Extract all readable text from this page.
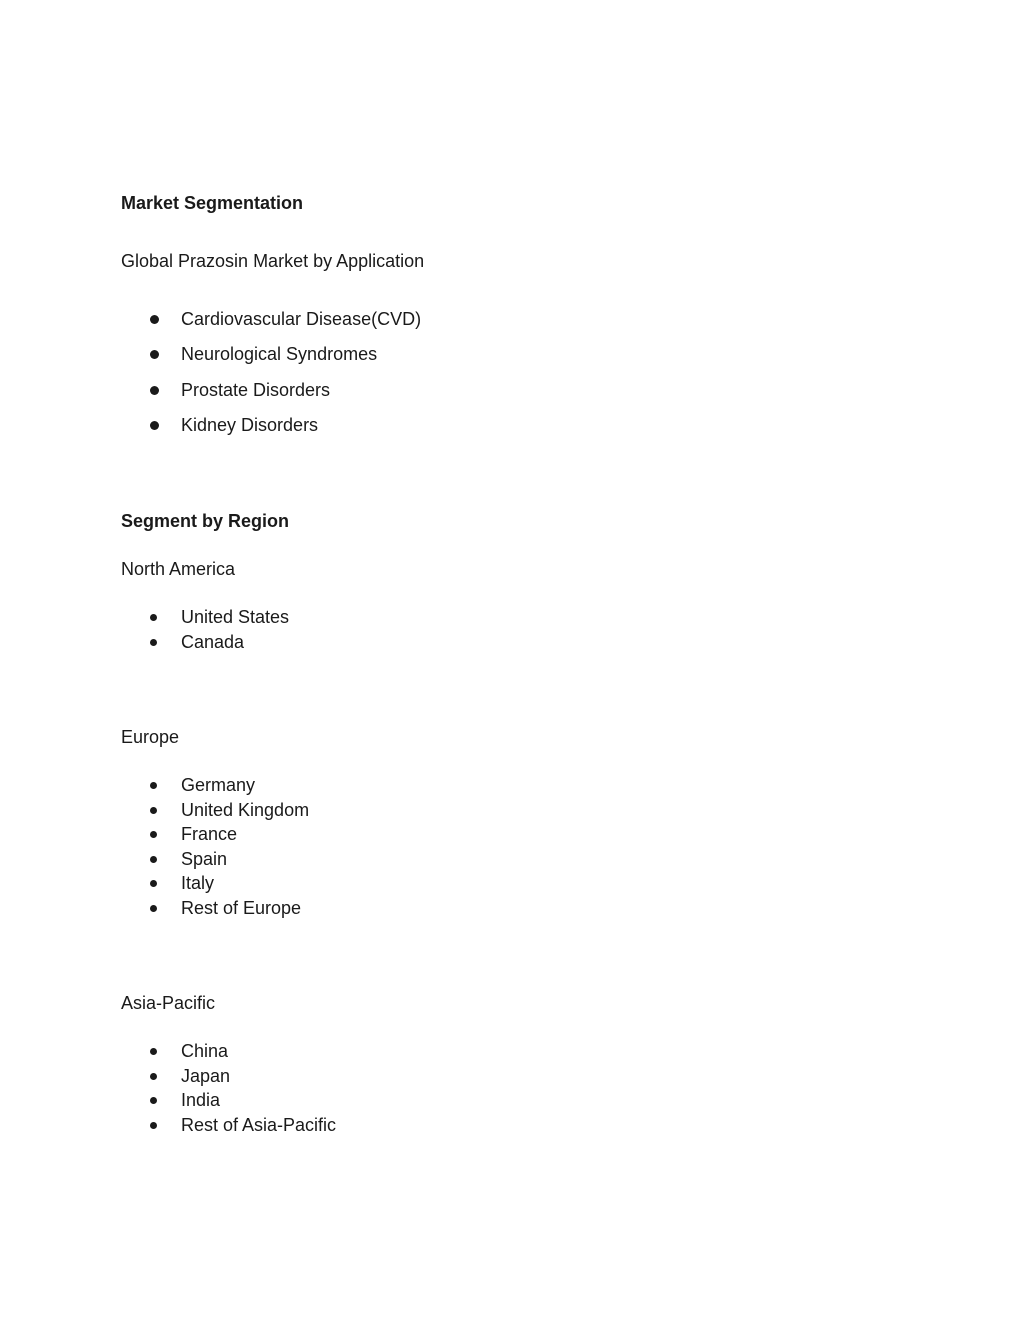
Market Segmentation

Global Prazosin Market by Application

Cardiovascular Disease(CVD)
Neurological Syndromes
Prostate Disorders
Kidney Disorders

Segment by Region

North America

United States
Canada

Europe

Germany
United Kingdom
France
Spain
Italy
Rest of Europe

Asia-Pacific

China
Japan
India
Rest of Asia-Pacific
